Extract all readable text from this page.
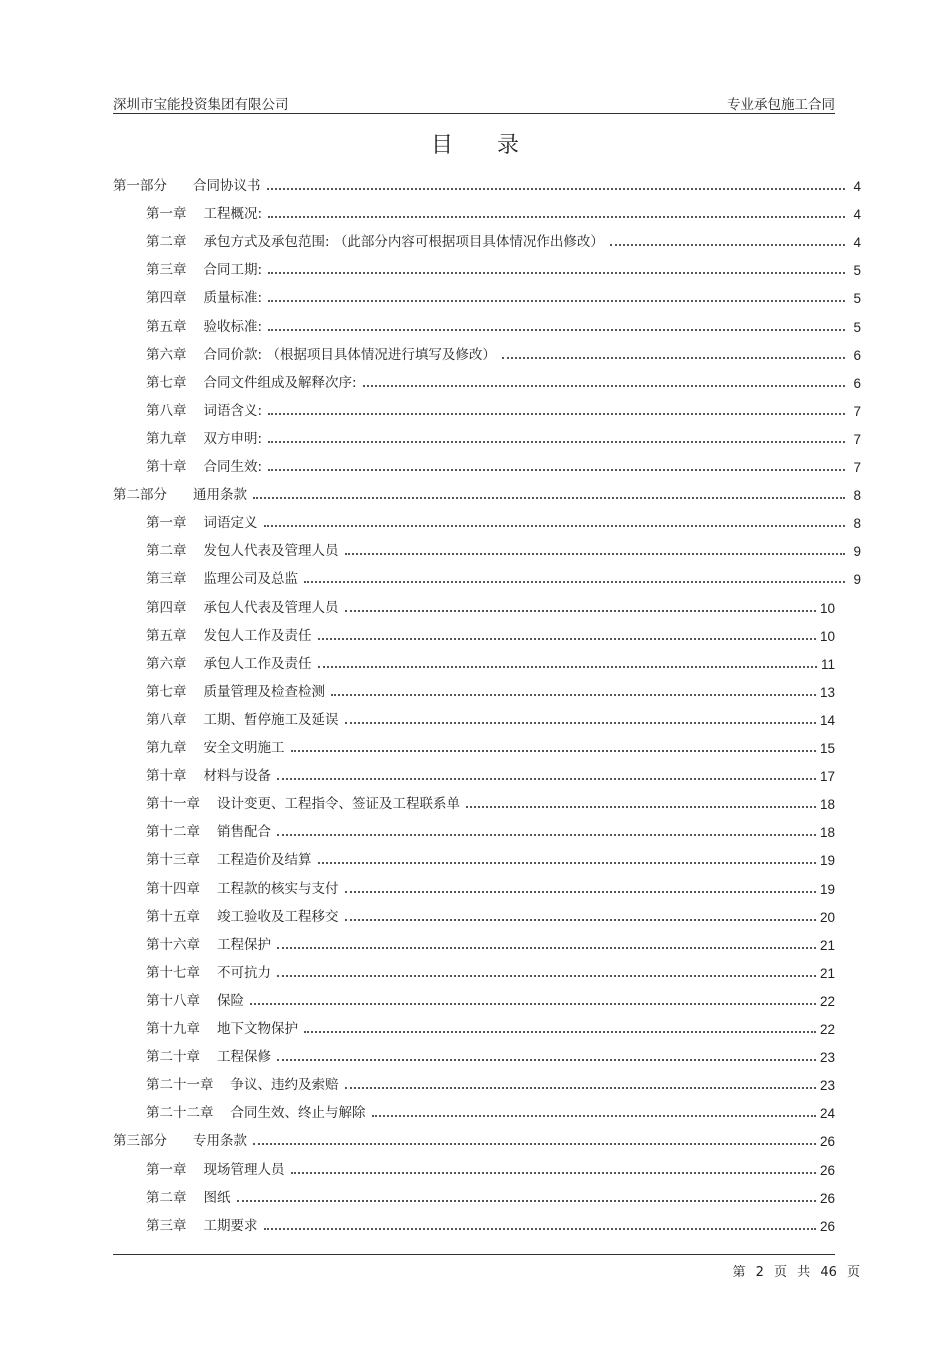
深圳市宝能投资集团有限公司	专业承包施工合同
目 录
第一部分 合同协议书	4
第一章 工程概况:	4
第二章 承包方式及承包范围: （此部分内容可根据项目具体情况作出修改）	4
第三章 合同工期:	5
第四章 质量标准:	5
第五章 验收标准:	5
第六章 合同价款: （根据项目具体情况进行填写及修改）	6
第七章 合同文件组成及解释次序:	6
第八章 词语含义:	7
第九章 双方申明:	7
第十章 合同生效:	7
第二部分 通用条款	8
第一章 词语定义	8
第二章 发包人代表及管理人员	9
第三章 监理公司及总监	9
第四章 承包人代表及管理人员	10
第五章 发包人工作及责任	10
第六章 承包人工作及责任	11
第七章 质量管理及检查检测	13
第八章 工期、暂停施工及延误	14
第九章 安全文明施工	15
第十章 材料与设备	17
第十一章 设计变更、工程指令、签证及工程联系单	18
第十二章 销售配合	18
第十三章 工程造价及结算	19
第十四章 工程款的核实与支付	19
第十五章 竣工验收及工程移交	20
第十六章 工程保护	21
第十七章 不可抗力	21
第十八章 保险	22
第十九章 地下文物保护	22
第二十章 工程保修	23
第二十一章 争议、违约及索赔	23
第二十二章 合同生效、终止与解除	24
第三部分 专用条款	26
第一章 现场管理人员	26
第二章 图纸	26
第三章 工期要求	26
第 2 页 共 46 页
